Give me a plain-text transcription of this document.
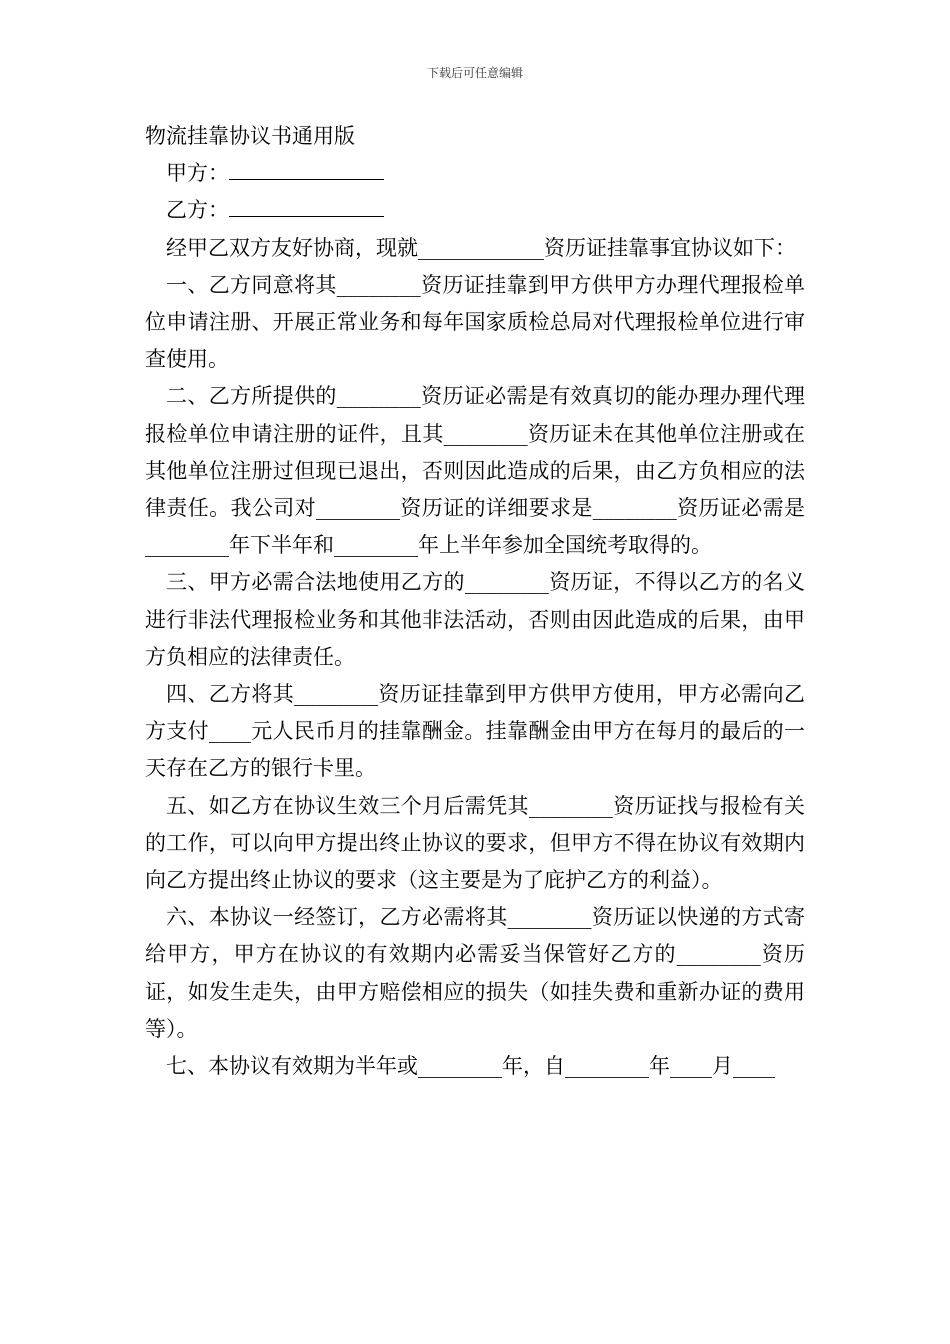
下载后可任意编辑

物流挂靠协议书通用版

甲方：

乙方：

经甲乙双方友好协商，现就____________资历证挂靠事宜协议如下：

一、乙方同意将其________资历证挂靠到甲方供甲方办理代理报检单位申请注册、开展正常业务和每年国家质检总局对代理报检单位进行审查使用。

二、乙方所提供的________资历证必需是有效真切的能办理办理代理报检单位申请注册的证件，且其________资历证未在其他单位注册或在其他单位注册过但现已退出，否则因此造成的后果，由乙方负相应的法律责任。我公司对________资历证的详细要求是________资历证必需是________年下半年和________年上半年参加全国统考取得的。

三、甲方必需合法地使用乙方的________资历证，不得以乙方的名义进行非法代理报检业务和其他非法活动，否则由因此造成的后果，由甲方负相应的法律责任。

四、乙方将其________资历证挂靠到甲方供甲方使用，甲方必需向乙方支付____元人民币月的挂靠酬金。挂靠酬金由甲方在每月的最后的一天存在乙方的银行卡里。

五、如乙方在协议生效三个月后需凭其________资历证找与报检有关的工作，可以向甲方提出终止协议的要求，但甲方不得在协议有效期内向乙方提出终止协议的要求（这主要是为了庇护乙方的利益）。

六、本协议一经签订，乙方必需将其________资历证以快递的方式寄给甲方，甲方在协议的有效期内必需妥当保管好乙方的________资历证，如发生走失，由甲方赔偿相应的损失（如挂失费和重新办证的费用等）。

七、本协议有效期为半年或________年，自________年____月____
